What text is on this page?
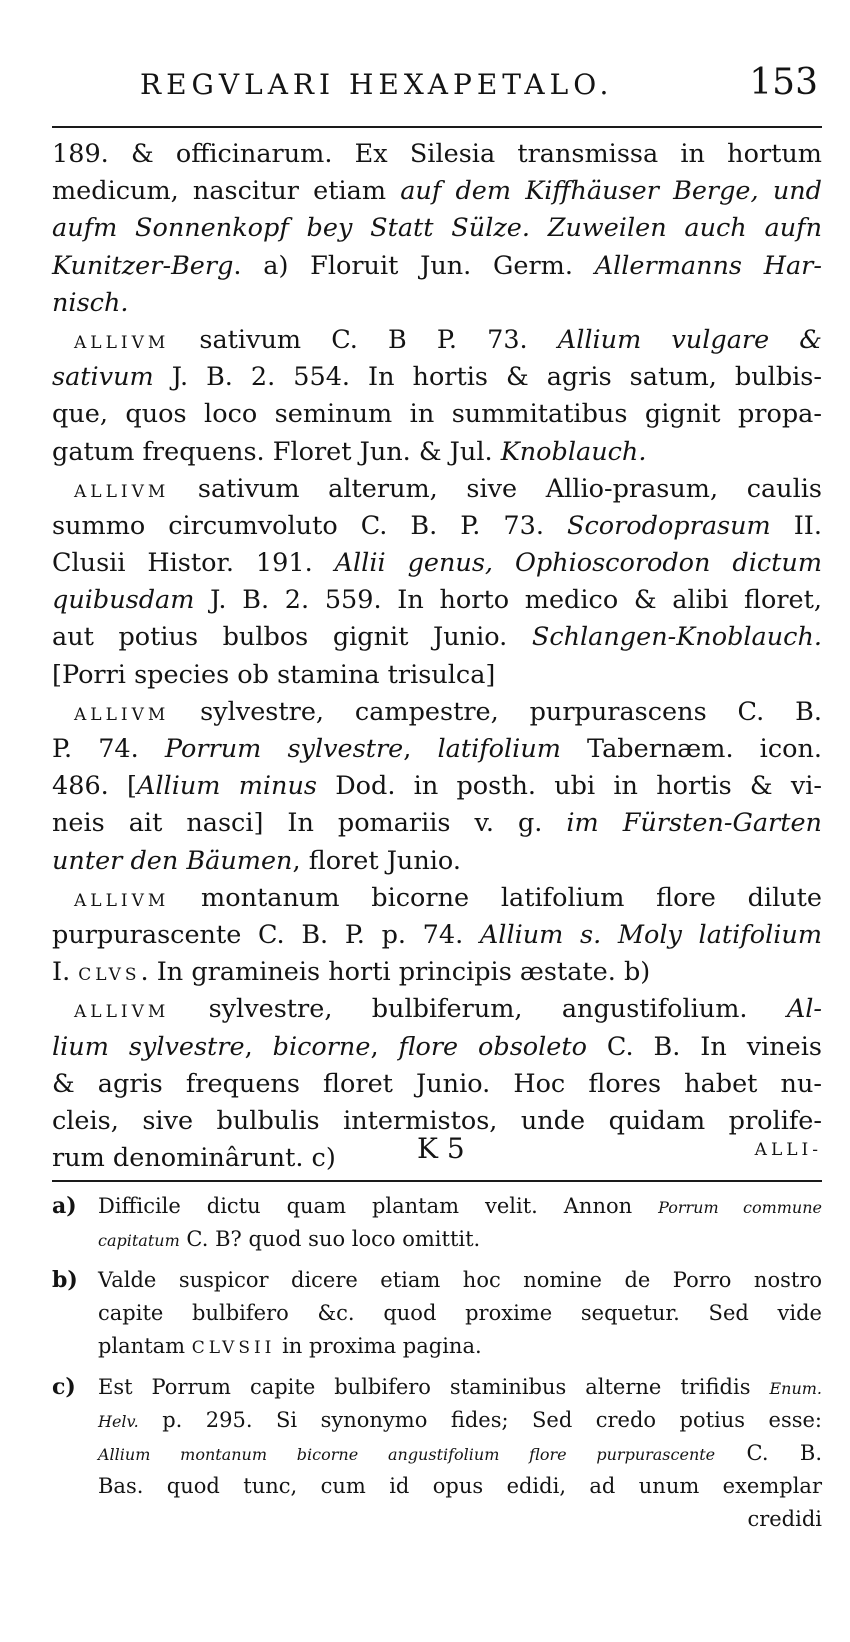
REGVLARI HEXAPETALO.	153
189. & officinarum. Ex Silesia transmissa in hortum
medicum, nascitur etiam auf dem Kiffhäuser Berge, und
aufm Sonnenkopf bey Statt Sülze. Zuweilen auch aufn
Kunitzer-Berg. a) Floruit Jun. Germ. Allermanns Har-
nisch.
ALLIVM sativum C. B P. 73. Allium vulgare &
sativum J. B. 2. 554. In hortis & agris satum, bulbis-
que, quos loco seminum in summitatibus gignit propa-
gatum frequens. Floret Jun. & Jul. Knoblauch.
ALLIVM sativum alterum, sive Allio-prasum, caulis
summo circumvoluto C. B. P. 73. Scorodoprasum II.
Clusii Histor. 191. Allii genus, Ophioscorodon dictum
quibusdam J. B. 2. 559. In horto medico & alibi floret,
aut potius bulbos gignit Junio. Schlangen-Knoblauch.
[Porri species ob stamina trisulca]
ALLIVM sylvestre, campestre, purpurascens C. B.
P. 74. Porrum sylvestre, latifolium Tabernæm. icon.
486. [Allium minus Dod. in posth. ubi in hortis & vi-
neis ait nasci] In pomariis v. g. im Fürsten-Garten
unter den Bäumen, floret Junio.
ALLIVM montanum bicorne latifolium flore dilute
purpurascente C. B. P. p. 74. Allium s. Moly latifolium
I. CLVS. In gramineis horti principis æstate. b)
ALLIVM sylvestre, bulbiferum, angustifolium. Al-
lium sylvestre, bicorne, flore obsoleto C. B. In vineis
& agris frequens floret Junio. Hoc flores habet nu-
cleis, sive bulbulis intermistos, unde quidam prolife-
rum denominârunt. c)	K 5	ALLI-
a) Difficile dictu quam plantam velit. Annon Porrum commune
capitatum C. B? quod suo loco omittit.
b) Valde suspicor dicere etiam hoc nomine de Porro nostro
capite bulbifero &c. quod proxime sequetur. Sed vide
plantam CLVSII in proxima pagina.
c) Est Porrum capite bulbifero staminibus alterne trifidis Enum.
Helv. p. 295. Si synonymo fides; Sed credo potius esse:
Allium montanum bicorne angustifolium flore purpurascente C. B.
Bas. quod tunc, cum id opus edidi, ad unum exemplar
credidi
